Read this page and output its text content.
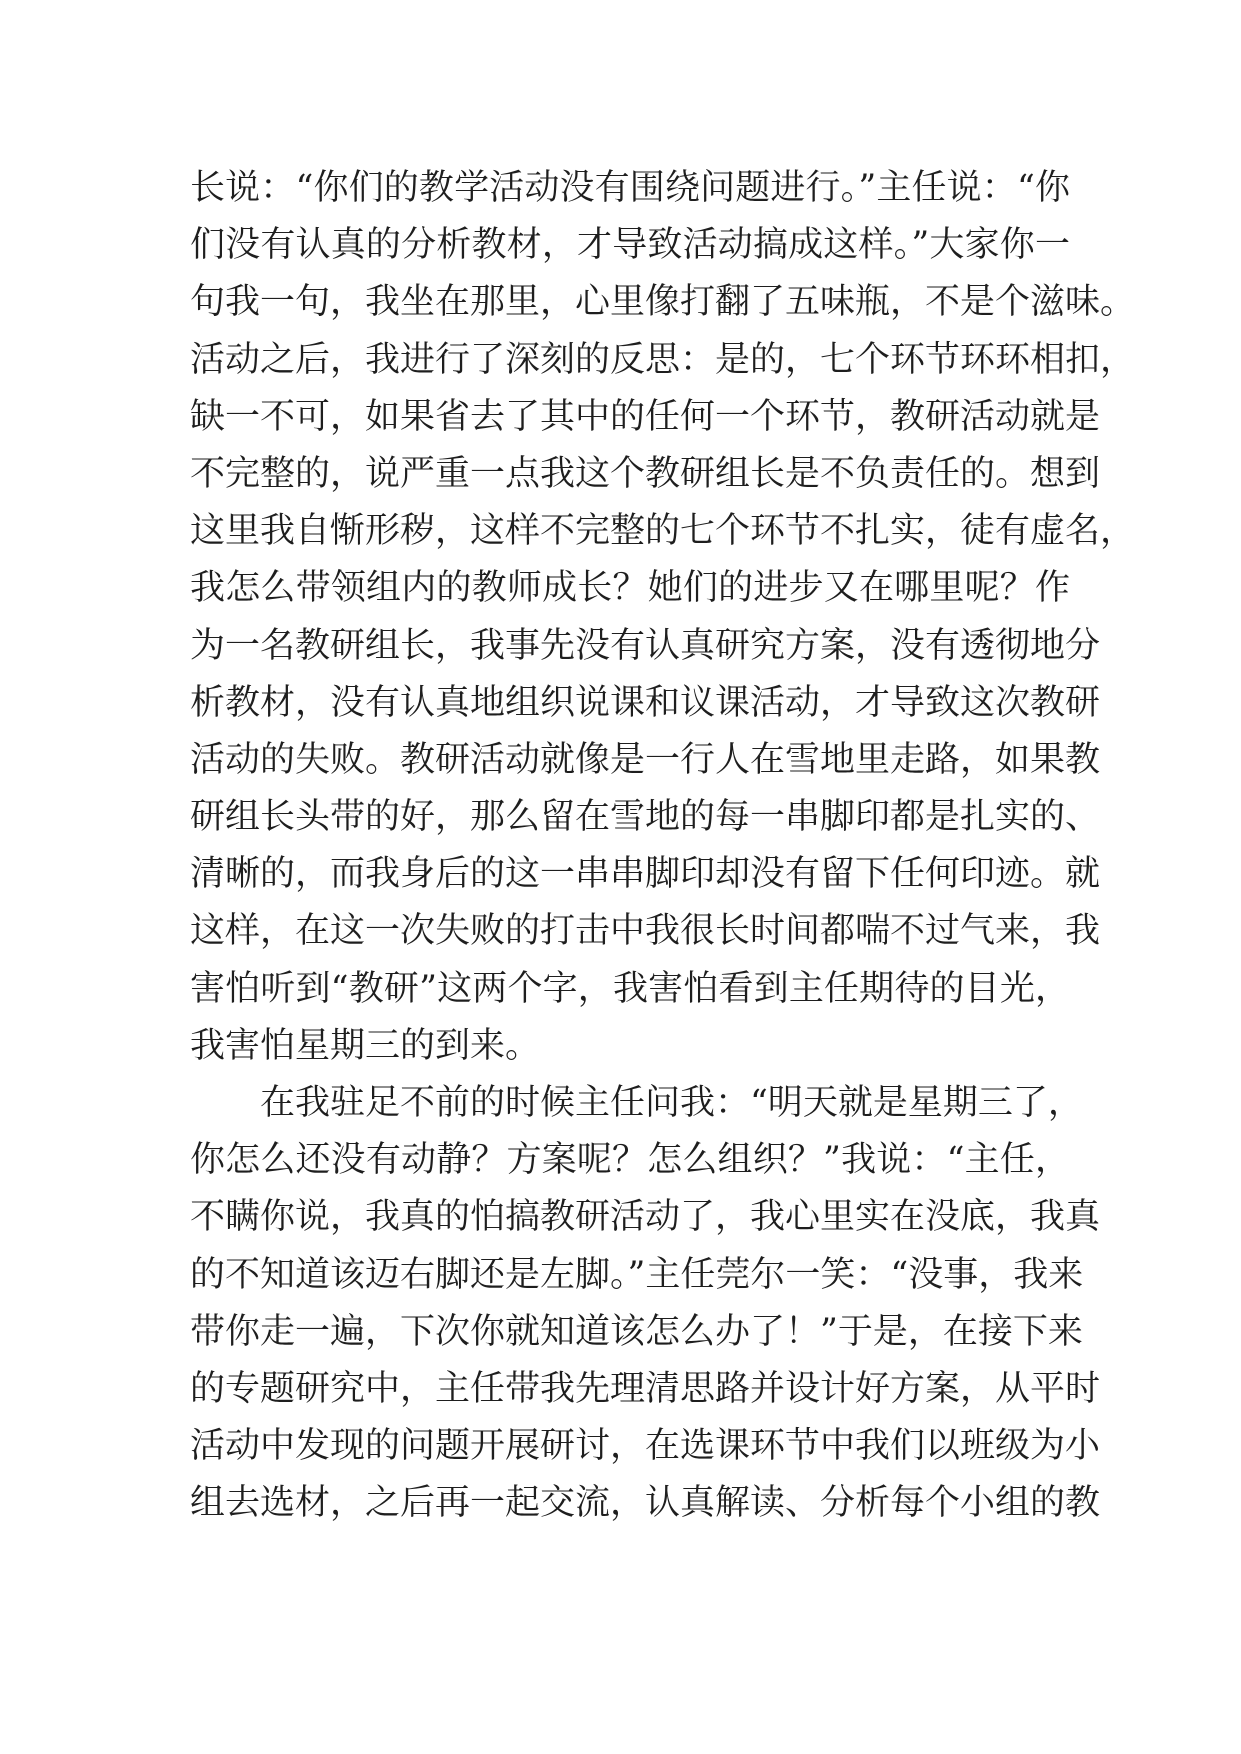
长说：“你们的教学活动没有围绕问题进行。”主任说：“你
们没有认真的分析教材，才导致活动搞成这样。”大家你一
句我一句，我坐在那里，心里像打翻了五味瓶，不是个滋味。
活动之后，我进行了深刻的反思：是的，七个环节环环相扣，
缺一不可，如果省去了其中的任何一个环节，教研活动就是
不完整的，说严重一点我这个教研组长是不负责任的。想到
这里我自惭形秽，这样不完整的七个环节不扎实，徒有虚名，
我怎么带领组内的教师成长？她们的进步又在哪里呢？作
为一名教研组长，我事先没有认真研究方案，没有透彻地分
析教材，没有认真地组织说课和议课活动，才导致这次教研
活动的失败。教研活动就像是一行人在雪地里走路，如果教
研组长头带的好，那么留在雪地的每一串脚印都是扎实的、
清晰的，而我身后的这一串串脚印却没有留下任何印迹。就
这样，在这一次失败的打击中我很长时间都喘不过气来，我
害怕听到“教研”这两个字，我害怕看到主任期待的目光，
我害怕星期三的到来。
在我驻足不前的时候主任问我：“明天就是星期三了，
你怎么还没有动静？方案呢？怎么组织？”我说：“主任，
不瞒你说，我真的怕搞教研活动了，我心里实在没底，我真
的不知道该迈右脚还是左脚。”主任莞尔一笑：“没事，我来
带你走一遍，下次你就知道该怎么办了！”于是，在接下来
的专题研究中，主任带我先理清思路并设计好方案，从平时
活动中发现的问题开展研讨，在选课环节中我们以班级为小
组去选材，之后再一起交流，认真解读、分析每个小组的教
